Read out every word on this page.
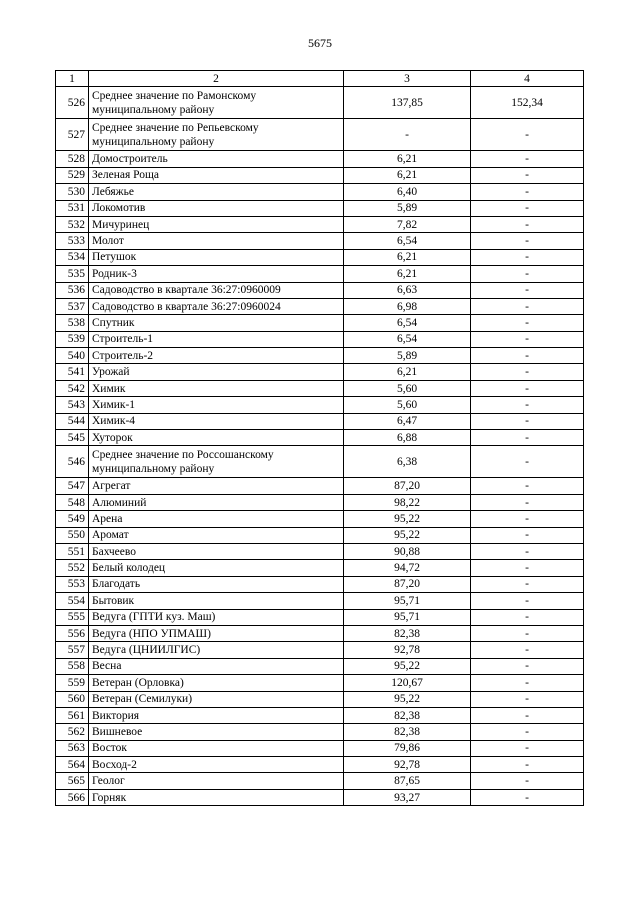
5675
1	2	3	4
526	Среднее значение по Рамонскому муниципальному району	137,85	152,34
527	Среднее значение по Репьевскому муниципальному району	-	-
528	Домостроитель	6,21	-
529	Зеленая Роща	6,21	-
530	Лебяжье	6,40	-
531	Локомотив	5,89	-
532	Мичуринец	7,82	-
533	Молот	6,54	-
534	Петушок	6,21	-
535	Родник-3	6,21	-
536	Садоводство в квартале 36:27:0960009	6,63	-
537	Садоводство в квартале 36:27:0960024	6,98	-
538	Спутник	6,54	-
539	Строитель-1	6,54	-
540	Строитель-2	5,89	-
541	Урожай	6,21	-
542	Химик	5,60	-
543	Химик-1	5,60	-
544	Химик-4	6,47	-
545	Хуторок	6,88	-
546	Среднее значение по Россошанскому муниципальному району	6,38	-
547	Агрегат	87,20	-
548	Алюминий	98,22	-
549	Арена	95,22	-
550	Аромат	95,22	-
551	Бахчеево	90,88	-
552	Белый колодец	94,72	-
553	Благодать	87,20	-
554	Бытовик	95,71	-
555	Ведуга (ГПТИ куз. Маш)	95,71	-
556	Ведуга (НПО УПМАШ)	82,38	-
557	Ведуга (ЦНИИЛГИС)	92,78	-
558	Весна	95,22	-
559	Ветеран (Орловка)	120,67	-
560	Ветеран (Семилуки)	95,22	-
561	Виктория	82,38	-
562	Вишневое	82,38	-
563	Восток	79,86	-
564	Восход-2	92,78	-
565	Геолог	87,65	-
566	Горняк	93,27	-
